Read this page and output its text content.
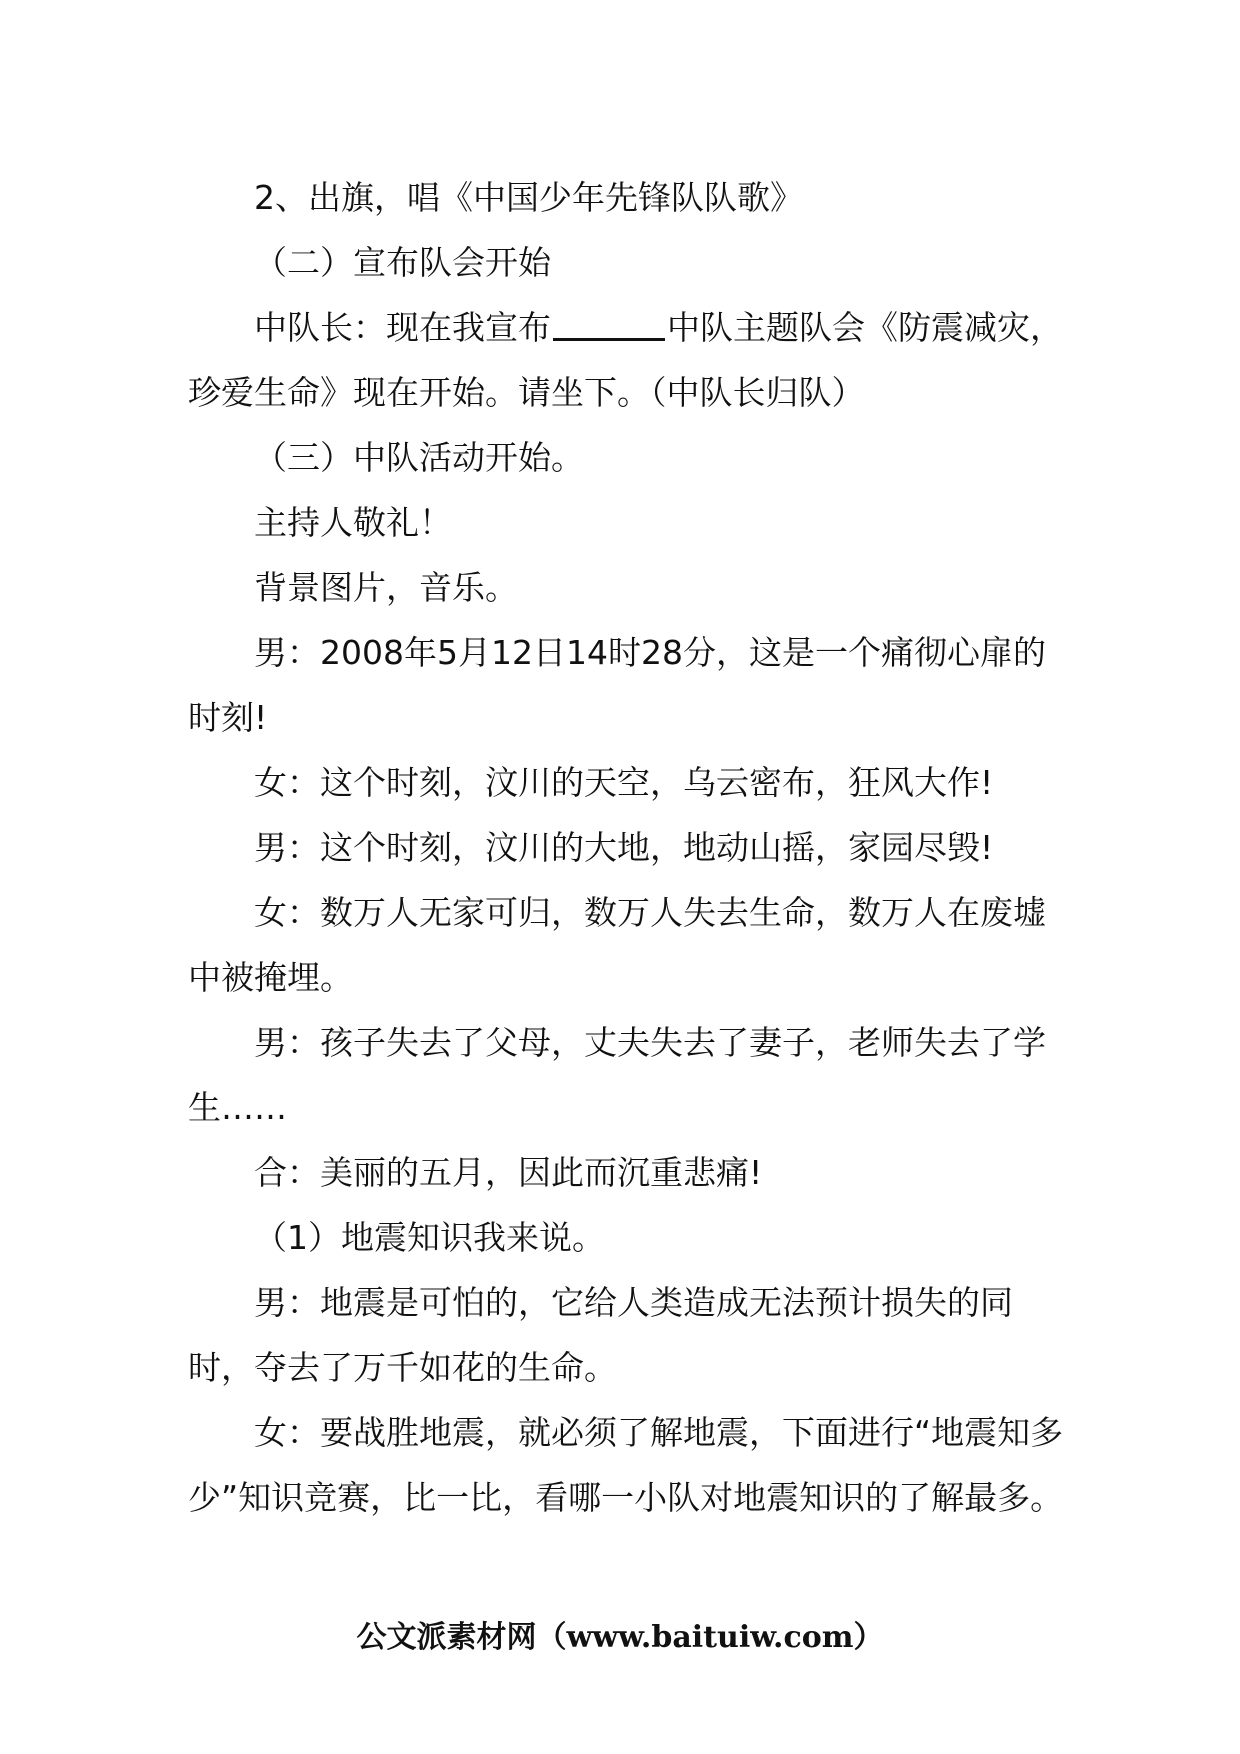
2、出旗，唱《中国少年先锋队队歌》

（二）宣布队会开始

中队长：现在我宣布	中队主题队会《防震减灾，珍爱生命》现在开始。请坐下。（中队长归队）

（三）中队活动开始。

主持人敬礼！

背景图片，音乐。

男：2008年5月12日14时28分，这是一个痛彻心扉的时刻!

女：这个时刻，汶川的天空，乌云密布，狂风大作!

男：这个时刻，汶川的大地，地动山摇，家园尽毁!

女：数万人无家可归，数万人失去生命，数万人在废墟中被掩埋。

男：孩子失去了父母，丈夫失去了妻子，老师失去了学生……

合：美丽的五月，因此而沉重悲痛!

（1）地震知识我来说。

男：地震是可怕的，它给人类造成无法预计损失的同时，夺去了万千如花的生命。

女：要战胜地震，就必须了解地震，下面进行“地震知多少”知识竞赛，比一比，看哪一小队对地震知识的了解最多。

公文派素材网（www.baituiw.com）
